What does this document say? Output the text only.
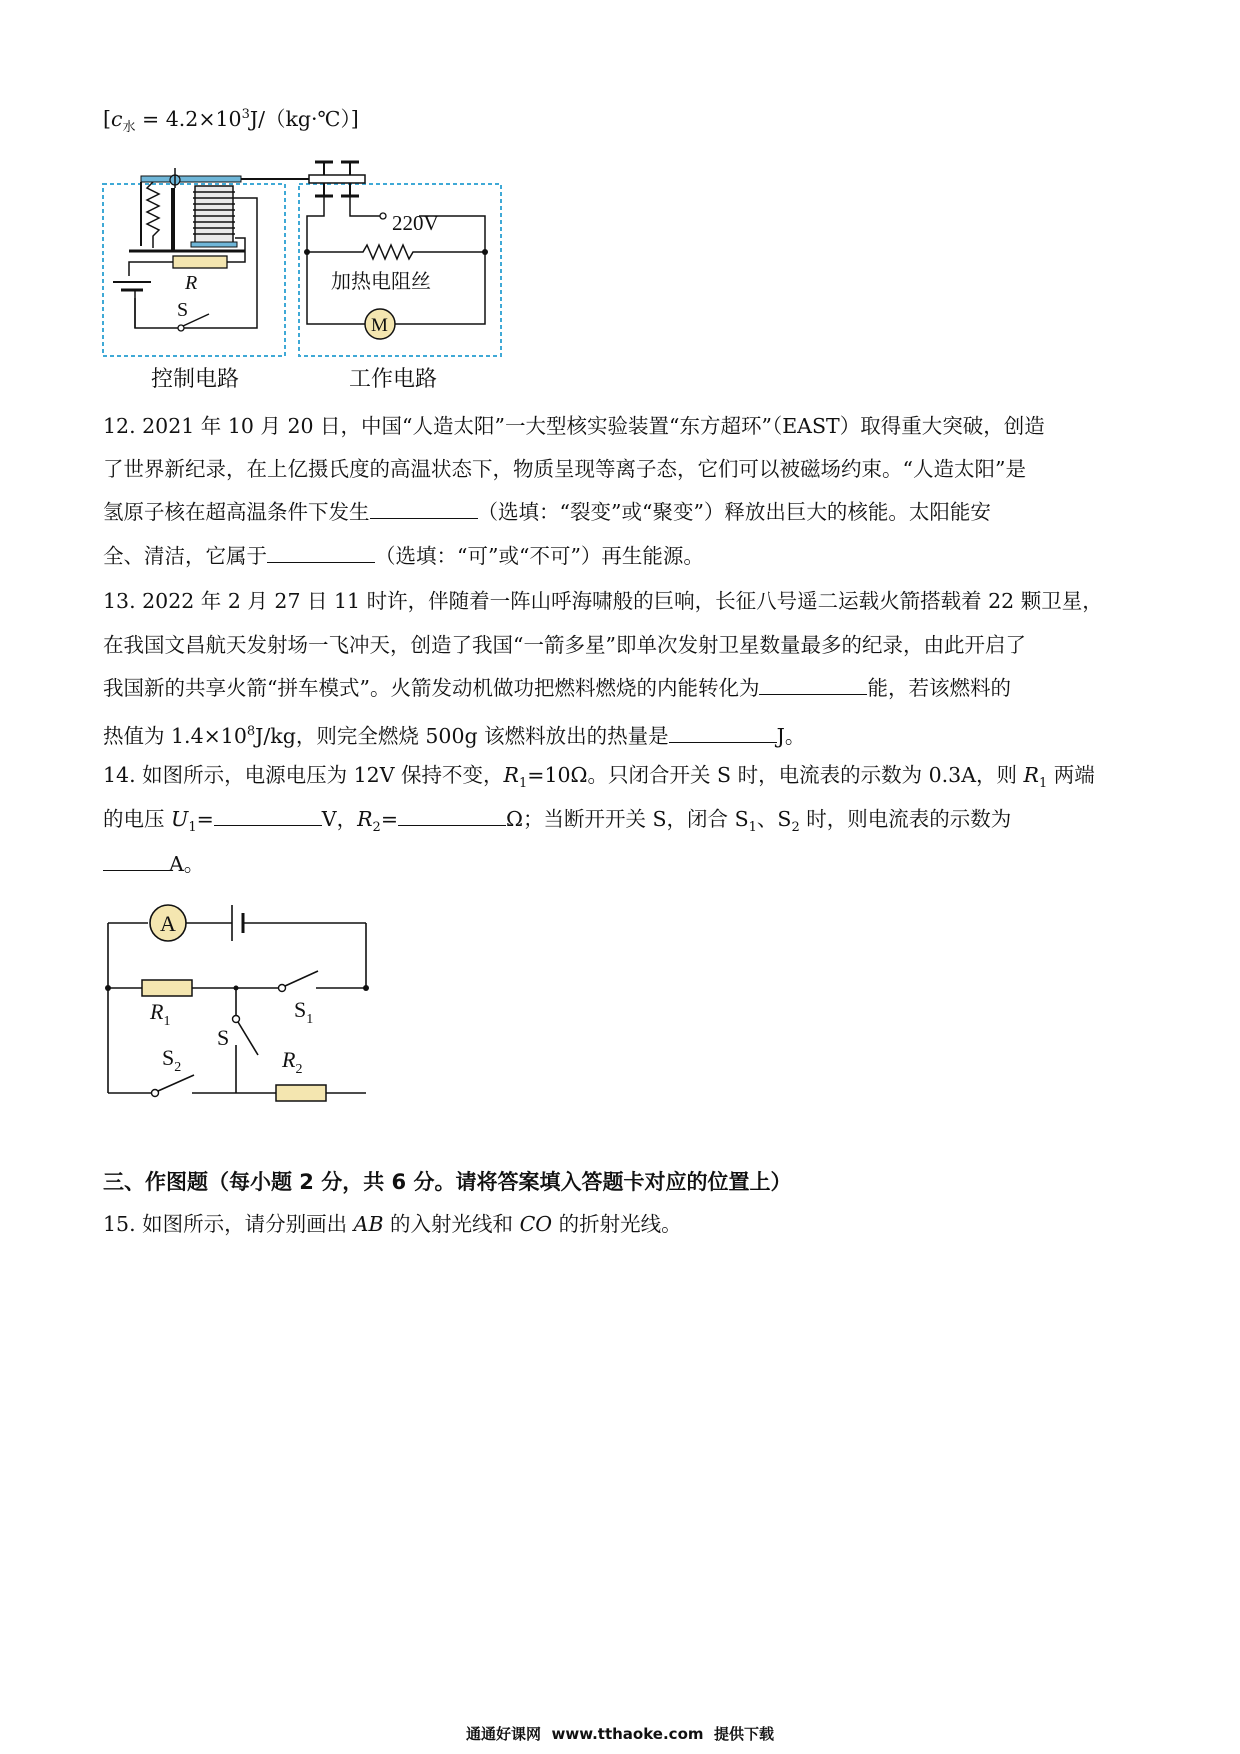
[$c_水$ = $4.2\times 10^3J/(kg\cdot℃)$]
220V
加热电阻丝
M
R
S
控制电路	工作电路
12. 2021 年 10 月 20 日，中国“人造太阳”一大型核实验装置“东方超环”（EAST）取得重大突破，创造
了世界新纪录，在上亿摄氏度的高温状态下，物质呈现等离子态，它们可以被磁场约束。“人造太阳”是
氢原子核在超高温条件下发生	（选填：“裂变”或“聚变”）释放出巨大的核能。太阳能安
全、清洁，它属于	（选填：“可”或“不可”）再生能源。
13. 2022 年 2 月 27 日 11 时许，伴随着一阵山呼海啸般的巨响，长征八号遥二运载火箭搭载着 22 颗卫星，
在我国文昌航天发射场一飞冲天，创造了我国“一箭多星”即单次发射卫星数量最多的纪录，由此开启了
我国新的共享火箭“拼车模式”。火箭发动机做功把燃料燃烧的内能转化为	能，若该燃料的
热值为 $1.4\times 10^8J/kg$，则完全燃烧 500g 该燃料放出的热量是	J。
14. 如图所示，电源电压为 12V 保持不变，$R_1=10\Omega$。只闭合开关 S 时，电流表的示数为 0.3A，则 $R_1$ 两端
的电压 $U_1=$	V，$R_2=$	Ω；当断开开关 S，闭合 $S_1$、$S_2$ 时，则电流表的示数为
A。
A
$R_1$	$S_1$
S
$S_2$	$R_2$
三、作图题（每小题 2 分，共 6 分。请将答案填入答题卡对应的位置上）
15. 如图所示，请分别画出 AB 的入射光线和 CO 的折射光线。
通通好课网  www.tthaoke.com  提供下载
